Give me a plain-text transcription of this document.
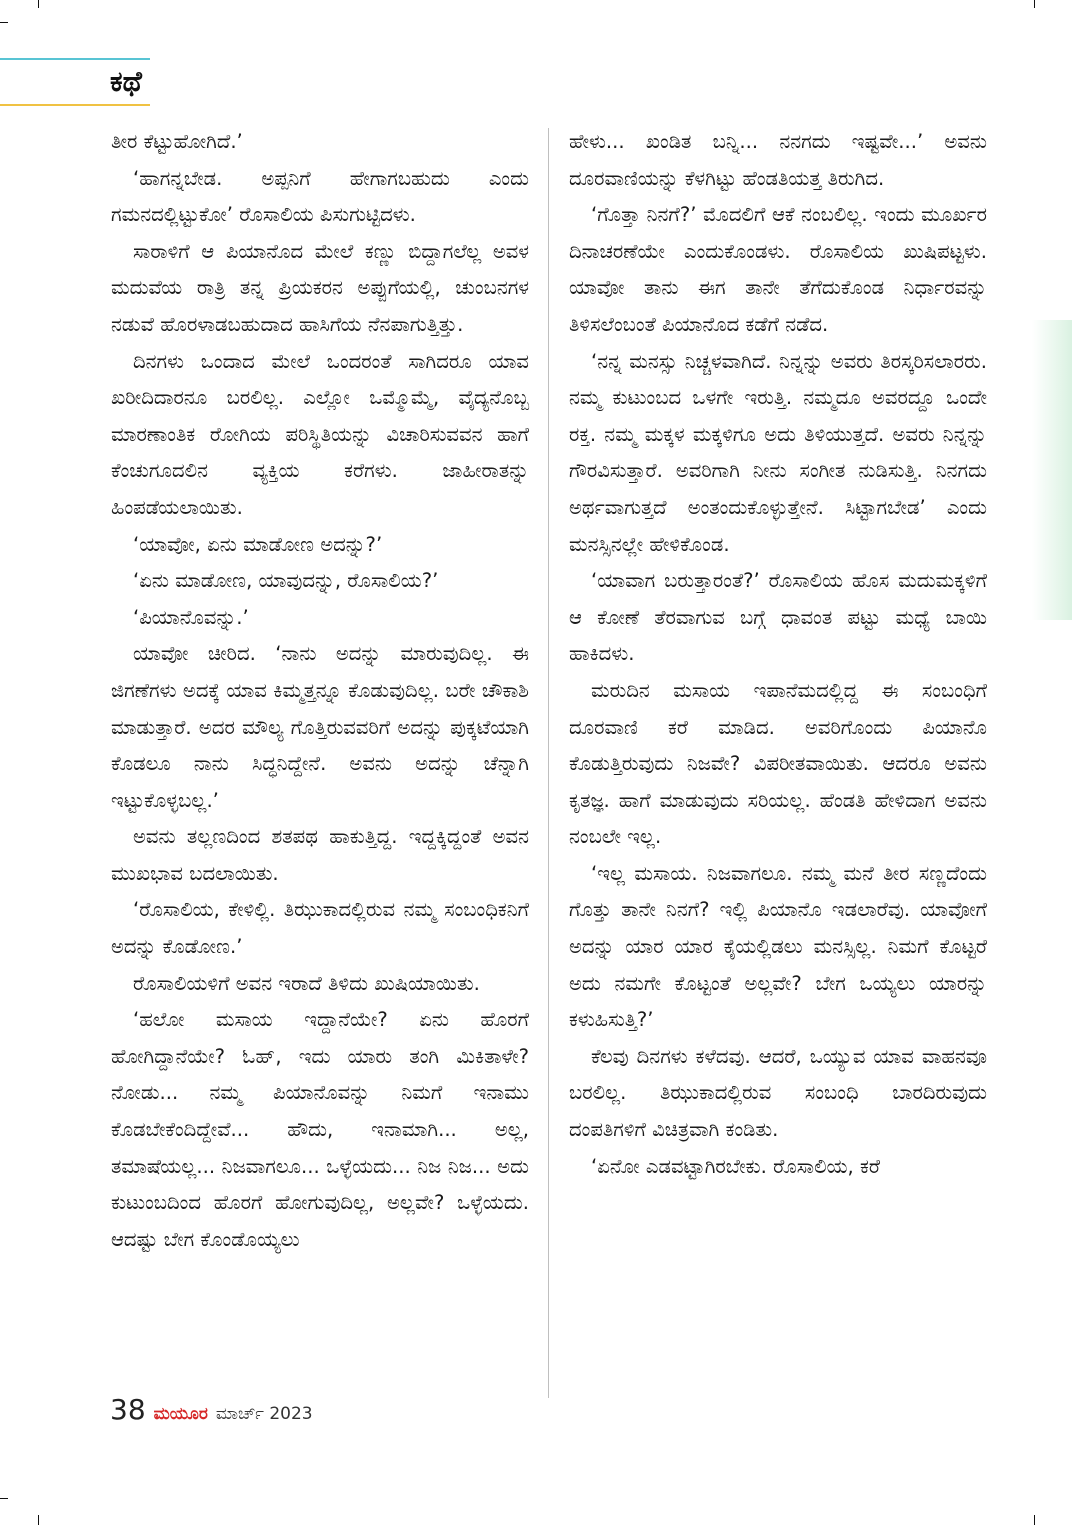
ಕಥೆ

ತೀರ ಕೆಟ್ಟುಹೋಗಿದೆ.’

‘ಹಾಗನ್ನಬೇಡ. ಅಪ್ಪನಿಗೆ ಹೇಗಾಗಬಹುದು ಎಂದು ಗಮನದಲ್ಲಿಟ್ಟುಕೋ’ ರೊಸಾಲಿಯ ಪಿಸುಗುಟ್ಟಿದಳು.

ಸಾರಾಳಿಗೆ ಆ ಪಿಯಾನೊದ ಮೇಲೆ ಕಣ್ಣು ಬಿದ್ದಾಗಲೆಲ್ಲ ಅವಳ ಮದುವೆಯ ರಾತ್ರಿ ತನ್ನ ಪ್ರಿಯಕರನ ಅಪ್ಪುಗೆಯಲ್ಲಿ, ಚುಂಬನಗಳ ನಡುವೆ ಹೊರಳಾಡಬಹುದಾದ ಹಾಸಿಗೆಯ ನೆನಪಾಗುತ್ತಿತ್ತು.

ದಿನಗಳು ಒಂದಾದ ಮೇಲೆ ಒಂದರಂತೆ ಸಾಗಿದರೂ ಯಾವ ಖರೀದಿದಾರನೂ ಬರಲಿಲ್ಲ. ಎಲ್ಲೋ ಒಮ್ಮೊಮ್ಮೆ, ವೈದ್ಯನೊಬ್ಬ ಮಾರಣಾಂತಿಕ ರೋಗಿಯ ಪರಿಸ್ಥಿತಿಯನ್ನು ವಿಚಾರಿಸುವವನ ಹಾಗೆ ಕೆಂಚುಗೂದಲಿನ ವ್ಯಕ್ತಿಯ ಕರೆಗಳು. ಜಾಹೀರಾತನ್ನು ಹಿಂಪಡೆಯಲಾಯಿತು.

‘ಯಾವೋ, ಏನು ಮಾಡೋಣ ಅದನ್ನು?’

‘ಏನು ಮಾಡೋಣ, ಯಾವುದನ್ನು, ರೊಸಾಲಿಯ?’

‘ಪಿಯಾನೊವನ್ನು.’

ಯಾವೋ ಚೀರಿದ. ‘ನಾನು ಅದನ್ನು ಮಾರುವುದಿಲ್ಲ. ಈ ಜಿಗಣೆಗಳು ಅದಕ್ಕೆ ಯಾವ ಕಿಮ್ಮತ್ತನ್ನೂ ಕೊಡುವುದಿಲ್ಲ. ಬರೇ ಚೌಕಾಶಿ ಮಾಡುತ್ತಾರೆ. ಅದರ ಮೌಲ್ಯ ಗೊತ್ತಿರುವವರಿಗೆ ಅದನ್ನು ಪುಕ್ಕಟೆಯಾಗಿ ಕೊಡಲೂ ನಾನು ಸಿದ್ಧನಿದ್ದೇನೆ. ಅವನು ಅದನ್ನು ಚೆನ್ನಾಗಿ ಇಟ್ಟುಕೊಳ್ಳಬಲ್ಲ.’

ಅವನು ತಲ್ಲಣದಿಂದ ಶತಪಥ ಹಾಕುತ್ತಿದ್ದ. ಇದ್ದಕ್ಕಿದ್ದಂತೆ ಅವನ ಮುಖಭಾವ ಬದಲಾಯಿತು.

‘ರೊಸಾಲಿಯ, ಕೇಳಿಲ್ಲಿ. ತಿಝುಕಾದಲ್ಲಿರುವ ನಮ್ಮ ಸಂಬಂಧಿಕನಿಗೆ ಅದನ್ನು ಕೊಡೋಣ.’

ರೊಸಾಲಿಯಳಿಗೆ ಅವನ ಇರಾದೆ ತಿಳಿದು ಖುಷಿಯಾಯಿತು.

‘ಹಲೋ ಮಸಾಯ ಇದ್ದಾನೆಯೇ? ಏನು ಹೊರಗೆ ಹೋಗಿದ್ದಾನೆಯೇ? ಓಹ್, ಇದು ಯಾರು ತಂಗಿ ಮಿಕಿತಾಳೇ? ನೋಡು... ನಮ್ಮ ಪಿಯಾನೊವನ್ನು ನಿಮಗೆ ಇನಾಮು ಕೊಡಬೇಕೆಂದಿದ್ದೇವೆ... ಹೌದು, ಇನಾಮಾಗಿ... ಅಲ್ಲ, ತಮಾಷೆಯಲ್ಲ... ನಿಜವಾಗಲೂ... ಒಳ್ಳೆಯದು... ನಿಜ ನಿಜ... ಅದು ಕುಟುಂಬದಿಂದ ಹೊರಗೆ ಹೋಗುವುದಿಲ್ಲ, ಅಲ್ಲವೇ? ಒಳ್ಳೆಯದು. ಆದಷ್ಟು ಬೇಗ ಕೊಂಡೊಯ್ಯಲು

ಹೇಳು... ಖಂಡಿತ ಬನ್ನಿ... ನನಗದು ಇಷ್ಟವೇ...’ ಅವನು ದೂರವಾಣಿಯನ್ನು ಕೆಳಗಿಟ್ಟು ಹೆಂಡತಿಯತ್ತ ತಿರುಗಿದ.

‘ಗೊತ್ತಾ ನಿನಗೆ?’ ಮೊದಲಿಗೆ ಆಕೆ ನಂಬಲಿಲ್ಲ. ಇಂದು ಮೂರ್ಖರ ದಿನಾಚರಣೆಯೇ ಎಂದುಕೊಂಡಳು. ರೊಸಾಲಿಯ ಖುಷಿಪಟ್ಟಳು. ಯಾವೋ ತಾನು ಈಗ ತಾನೇ ತೆಗೆದುಕೊಂಡ ನಿರ್ಧಾರವನ್ನು ತಿಳಿಸಲೆಂಬಂತೆ ಪಿಯಾನೊದ ಕಡೆಗೆ ನಡೆದ.

‘ನನ್ನ ಮನಸ್ಸು ನಿಚ್ಚಳವಾಗಿದೆ. ನಿನ್ನನ್ನು ಅವರು ತಿರಸ್ಕರಿಸಲಾರರು. ನಮ್ಮ ಕುಟುಂಬದ ಒಳಗೇ ಇರುತ್ತಿ. ನಮ್ಮದೂ ಅವರದ್ದೂ ಒಂದೇ ರಕ್ತ. ನಮ್ಮ ಮಕ್ಕಳ ಮಕ್ಕಳಿಗೂ ಅದು ತಿಳಿಯುತ್ತದೆ. ಅವರು ನಿನ್ನನ್ನು ಗೌರವಿಸುತ್ತಾರೆ. ಅವರಿಗಾಗಿ ನೀನು ಸಂಗೀತ ನುಡಿಸುತ್ತಿ. ನಿನಗದು ಅರ್ಥವಾಗುತ್ತದೆ ಅಂತಂದುಕೊಳ್ಳುತ್ತೇನೆ. ಸಿಟ್ಟಾಗಬೇಡ’ ಎಂದು ಮನಸ್ಸಿನಲ್ಲೇ ಹೇಳಿಕೊಂಡ.

‘ಯಾವಾಗ ಬರುತ್ತಾರಂತೆ?’ ರೊಸಾಲಿಯ ಹೊಸ ಮದುಮಕ್ಕಳಿಗೆ ಆ ಕೋಣೆ ತೆರವಾಗುವ ಬಗ್ಗೆ ಧಾವಂತ ಪಟ್ಟು ಮಧ್ಯೆ ಬಾಯಿ ಹಾಕಿದಳು.

ಮರುದಿನ ಮಸಾಯ ಇಪಾನೆಮದಲ್ಲಿದ್ದ ಈ ಸಂಬಂಧಿಗೆ ದೂರವಾಣಿ ಕರೆ ಮಾಡಿದ. ಅವರಿಗೊಂದು ಪಿಯಾನೊ ಕೊಡುತ್ತಿರುವುದು ನಿಜವೇ? ವಿಪರೀತವಾಯಿತು. ಆದರೂ ಅವನು ಕೃತಜ್ಞ. ಹಾಗೆ ಮಾಡುವುದು ಸರಿಯಲ್ಲ. ಹೆಂಡತಿ ಹೇಳಿದಾಗ ಅವನು ನಂಬಲೇ ಇಲ್ಲ.

‘ಇಲ್ಲ ಮಸಾಯ. ನಿಜವಾಗಲೂ. ನಮ್ಮ ಮನೆ ತೀರ ಸಣ್ಣದೆಂದು ಗೊತ್ತು ತಾನೇ ನಿನಗೆ? ಇಲ್ಲಿ ಪಿಯಾನೊ ಇಡಲಾರೆವು. ಯಾವೋಗೆ ಅದನ್ನು ಯಾರ ಯಾರ ಕೈಯಲ್ಲಿಡಲು ಮನಸ್ಸಿಲ್ಲ. ನಿಮಗೆ ಕೊಟ್ಟರೆ ಅದು ನಮಗೇ ಕೊಟ್ಟಂತೆ ಅಲ್ಲವೇ? ಬೇಗ ಒಯ್ಯಲು ಯಾರನ್ನು ಕಳುಹಿಸುತ್ತಿ?’

ಕೆಲವು ದಿನಗಳು ಕಳೆದವು. ಆದರೆ, ಒಯ್ಯುವ ಯಾವ ವಾಹನವೂ ಬರಲಿಲ್ಲ. ತಿಝುಕಾದಲ್ಲಿರುವ ಸಂಬಂಧಿ ಬಾರದಿರುವುದು ದಂಪತಿಗಳಿಗೆ ವಿಚಿತ್ರವಾಗಿ ಕಂಡಿತು.

‘ಏನೋ ಎಡವಟ್ಟಾಗಿರಬೇಕು. ರೊಸಾಲಿಯ, ಕರೆ

38 ಮಯೂರ ಮಾರ್ಚ್ 2023
